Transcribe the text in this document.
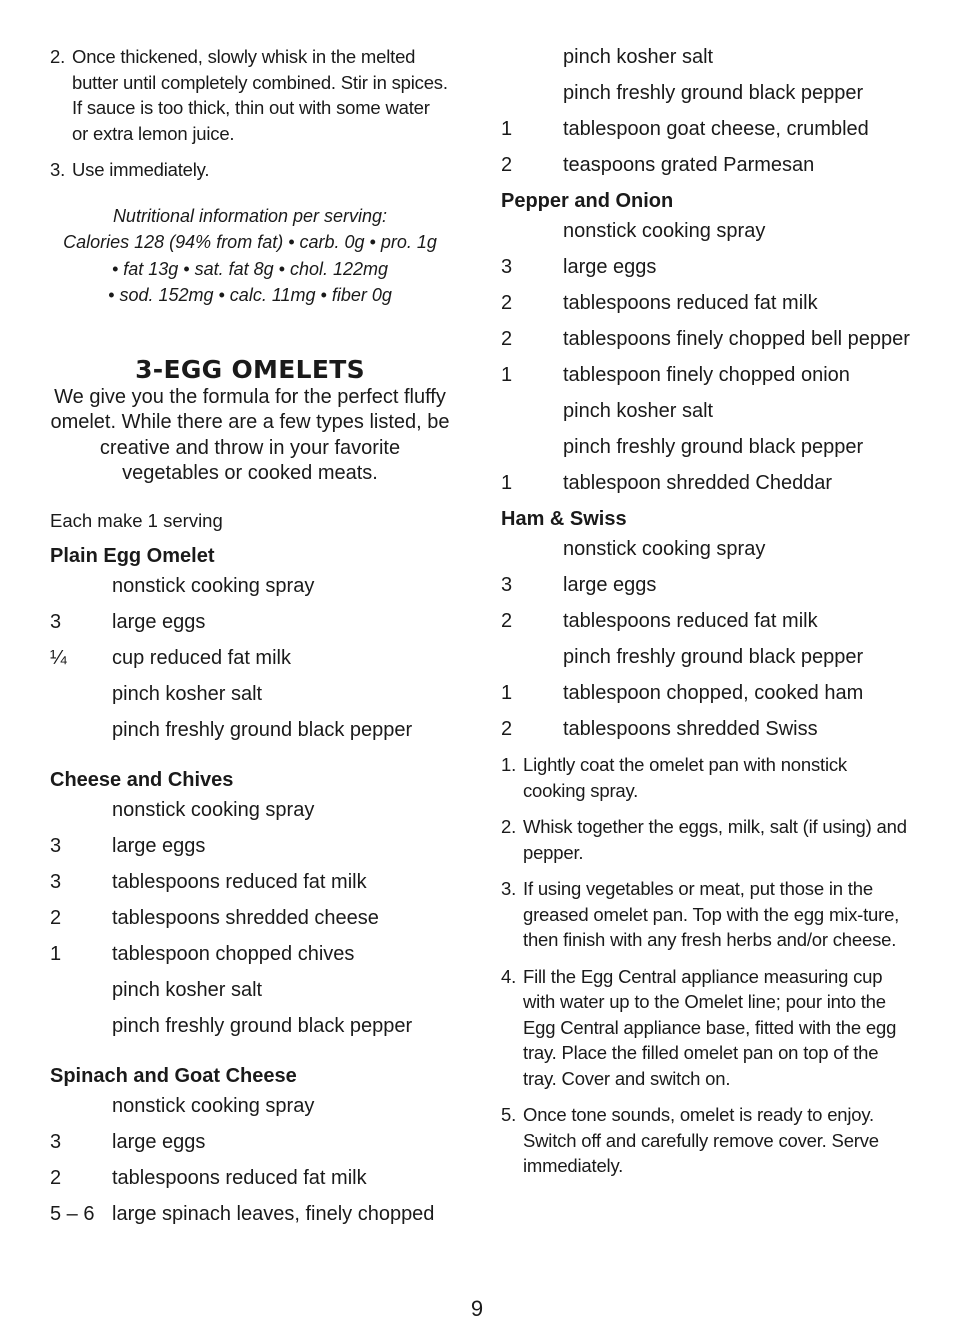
2. Once thickened, slowly whisk in the melted butter until completely combined. Stir in spices. If sauce is too thick, thin out with some water or extra lemon juice.
3. Use immediately.
Nutritional information per serving:
Calories 128 (94% from fat) • carb. 0g • pro. 1g
• fat 13g • sat. fat 8g • chol. 122mg
• sod. 152mg • calc. 11mg • fiber 0g
3-EGG OMELETS
We give you the formula for the perfect fluffy omelet. While there are a few types listed, be creative and throw in your favorite vegetables or cooked meats.
Each make 1 serving
Plain Egg Omelet
nonstick cooking spray
3	large eggs
¼	cup reduced fat milk
pinch kosher salt
pinch freshly ground black pepper
Cheese and Chives
nonstick cooking spray
3	large eggs
3	tablespoons reduced fat milk
2	tablespoons shredded cheese
1	tablespoon chopped chives
pinch kosher salt
pinch freshly ground black pepper
Spinach and Goat Cheese
nonstick cooking spray
3	large eggs
2	tablespoons reduced fat milk
5 – 6 large spinach leaves, finely chopped
pinch kosher salt
pinch freshly ground black pepper
1	tablespoon goat cheese, crumbled
2	teaspoons grated Parmesan
Pepper and Onion
nonstick cooking spray
3	large eggs
2	tablespoons reduced fat milk
2	tablespoons finely chopped bell pepper
1	tablespoon finely chopped onion
pinch kosher salt
pinch freshly ground black pepper
1	tablespoon shredded Cheddar
Ham & Swiss
nonstick cooking spray
3	large eggs
2	tablespoons reduced fat milk
pinch freshly ground black pepper
1	tablespoon chopped, cooked ham
2	tablespoons shredded Swiss
1. Lightly coat the omelet pan with nonstick cooking spray.
2. Whisk together the eggs, milk, salt (if using) and pepper.
3. If using vegetables or meat, put those in the greased omelet pan. Top with the egg mix-ture, then finish with any fresh herbs and/or cheese.
4. Fill the Egg Central appliance measuring cup with water up to the Omelet line; pour into the Egg Central appliance base, fitted with the egg tray. Place the filled omelet pan on top of the tray. Cover and switch on.
5. Once tone sounds, omelet is ready to enjoy. Switch off and carefully remove cover. Serve immediately.
9
